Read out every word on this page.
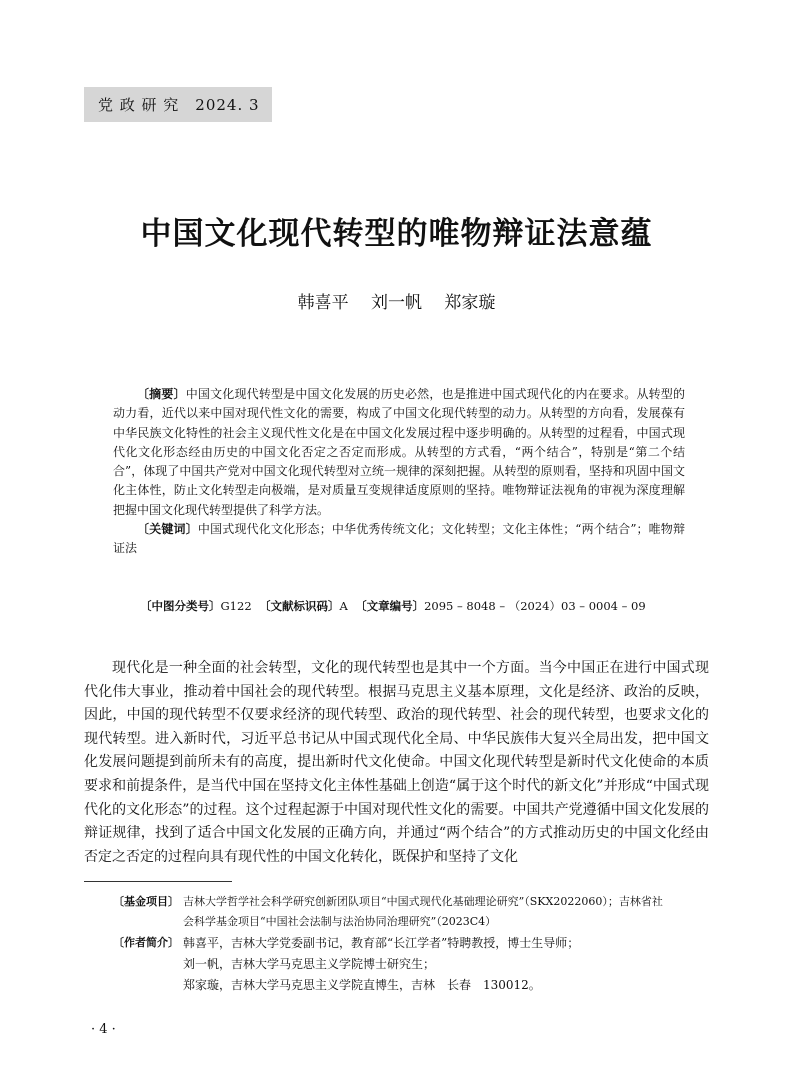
党 政 研 究　2024. 3
中国文化现代转型的唯物辩证法意蕴
韩喜平　 刘一帆　 郑家璇

〔摘要〕中国文化现代转型是中国文化发展的历史必然，也是推进中国式现代化的内在要求。从转型的动力看，近代以来中国对现代性文化的需要，构成了中国文化现代转型的动力。从转型的方向看，发展葆有中华民族文化特性的社会主义现代性文化是在中国文化发展过程中逐步明确的。从转型的过程看，中国式现代化文化形态经由历史的中国文化否定之否定而形成。从转型的方式看，“两个结合”，特别是“第二个结合”，体现了中国共产党对中国文化现代转型对立统一规律的深刻把握。从转型的原则看，坚持和巩固中国文化主体性，防止文化转型走向极端，是对质量互变规律适度原则的坚持。唯物辩证法视角的审视为深度理解把握中国文化现代转型提供了科学方法。

〔关键词〕中国式现代化文化形态；中华优秀传统文化；文化转型；文化主体性；“两个结合”；唯物辩证法

〔中图分类号〕G122 〔文献标识码〕A 〔文章编号〕2095 – 8048 – （2024）03 – 0004 – 09

现代化是一种全面的社会转型，文化的现代转型也是其中一个方面。当今中国正在进行中国式现代化伟大事业，推动着中国社会的现代转型。根据马克思主义基本原理，文化是经济、政治的反映，因此，中国的现代转型不仅要求经济的现代转型、政治的现代转型、社会的现代转型，也要求文化的现代转型。进入新时代，习近平总书记从中国式现代化全局、中华民族伟大复兴全局出发，把中国文化发展问题提到前所未有的高度，提出新时代文化使命。中国文化现代转型是新时代文化使命的本质要求和前提条件，是当代中国在坚持文化主体性基础上创造“属于这个时代的新文化”并形成“中国式现代化的文化形态”的过程。这个过程起源于中国对现代性文化的需要。中国共产党遵循中国文化发展的辩证规律，找到了适合中国文化发展的正确方向，并通过“两个结合”的方式推动历史的中国文化经由否定之否定的过程向具有现代性的中国文化转化，既保护和坚持了文化

〔基金项目〕 吉林大学哲学社会科学研究创新团队项目“中国式现代化基础理论研究”（SKX2022060）；吉林省社
会科学基金项目“中国社会法制与法治协同治理研究”（2023C4）
〔作者简介〕 韩喜平，吉林大学党委副书记，教育部“长江学者”特聘教授，博士生导师；
刘一帆，吉林大学马克思主义学院博士研究生；
郑家璇，吉林大学马克思主义学院直博生，吉林　长春　130012。
· 4 ·
